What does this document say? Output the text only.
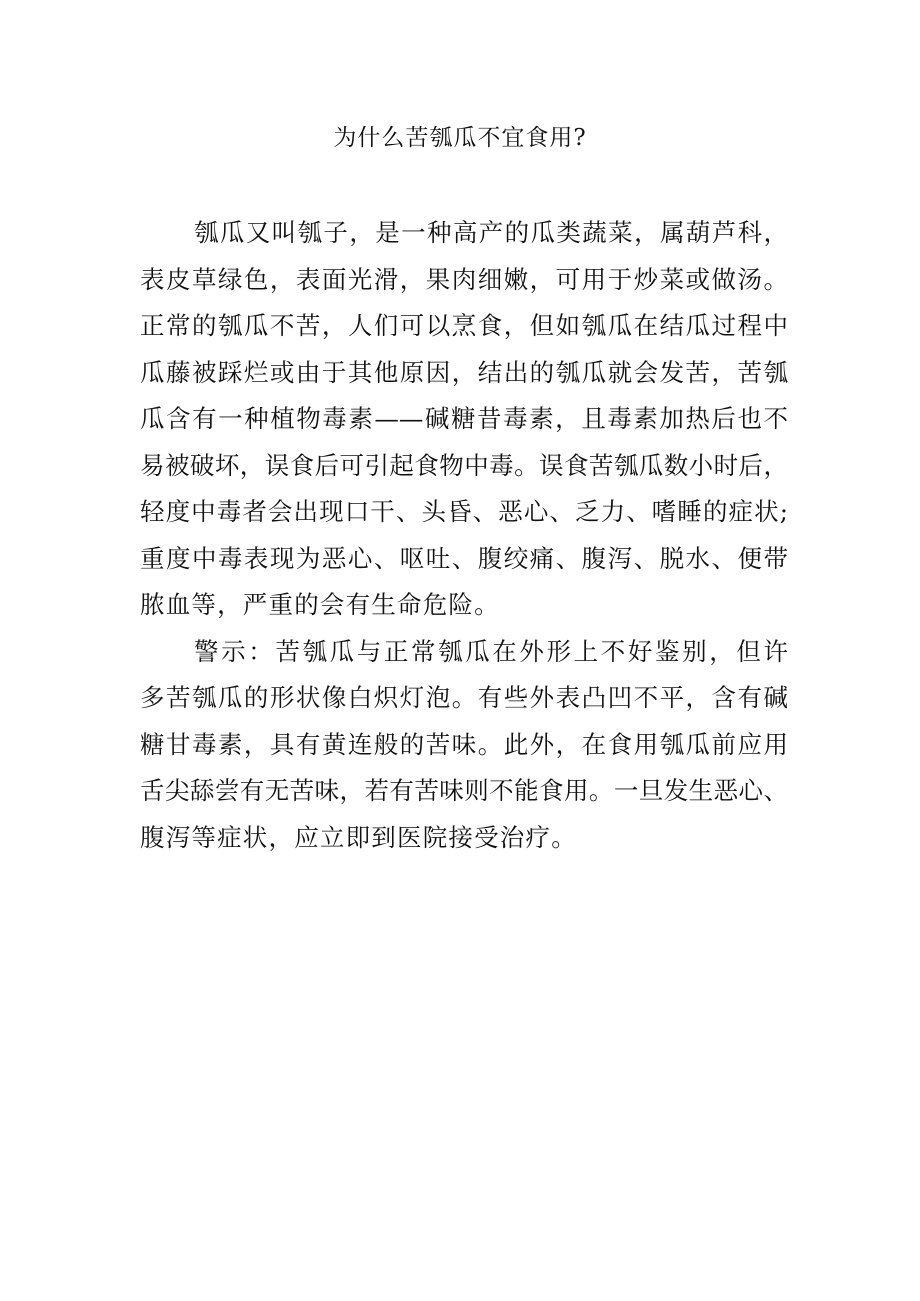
为什么苦瓠瓜不宜食用?
瓠瓜又叫瓠子，是一种高产的瓜类蔬菜，属葫芦科，
表皮草绿色，表面光滑，果肉细嫩，可用于炒菜或做汤。
正常的瓠瓜不苦，人们可以烹食，但如瓠瓜在结瓜过程中
瓜藤被踩烂或由于其他原因，结出的瓠瓜就会发苦，苦瓠
瓜含有一种植物毒素——碱糖昔毒素，且毒素加热后也不
易被破坏，误食后可引起食物中毒。误食苦瓠瓜数小时后，
轻度中毒者会出现口干、头昏、恶心、乏力、嗜睡的症状;
重度中毒表现为恶心、呕吐、腹绞痛、腹泻、脱水、便带
脓血等，严重的会有生命危险。
警示：苦瓠瓜与正常瓠瓜在外形上不好鉴别，但许
多苦瓠瓜的形状像白炽灯泡。有些外表凸凹不平，含有碱
糖甘毒素，具有黄连般的苦味。此外，在食用瓠瓜前应用
舌尖舔尝有无苦味，若有苦味则不能食用。一旦发生恶心、
腹泻等症状，应立即到医院接受治疗。
